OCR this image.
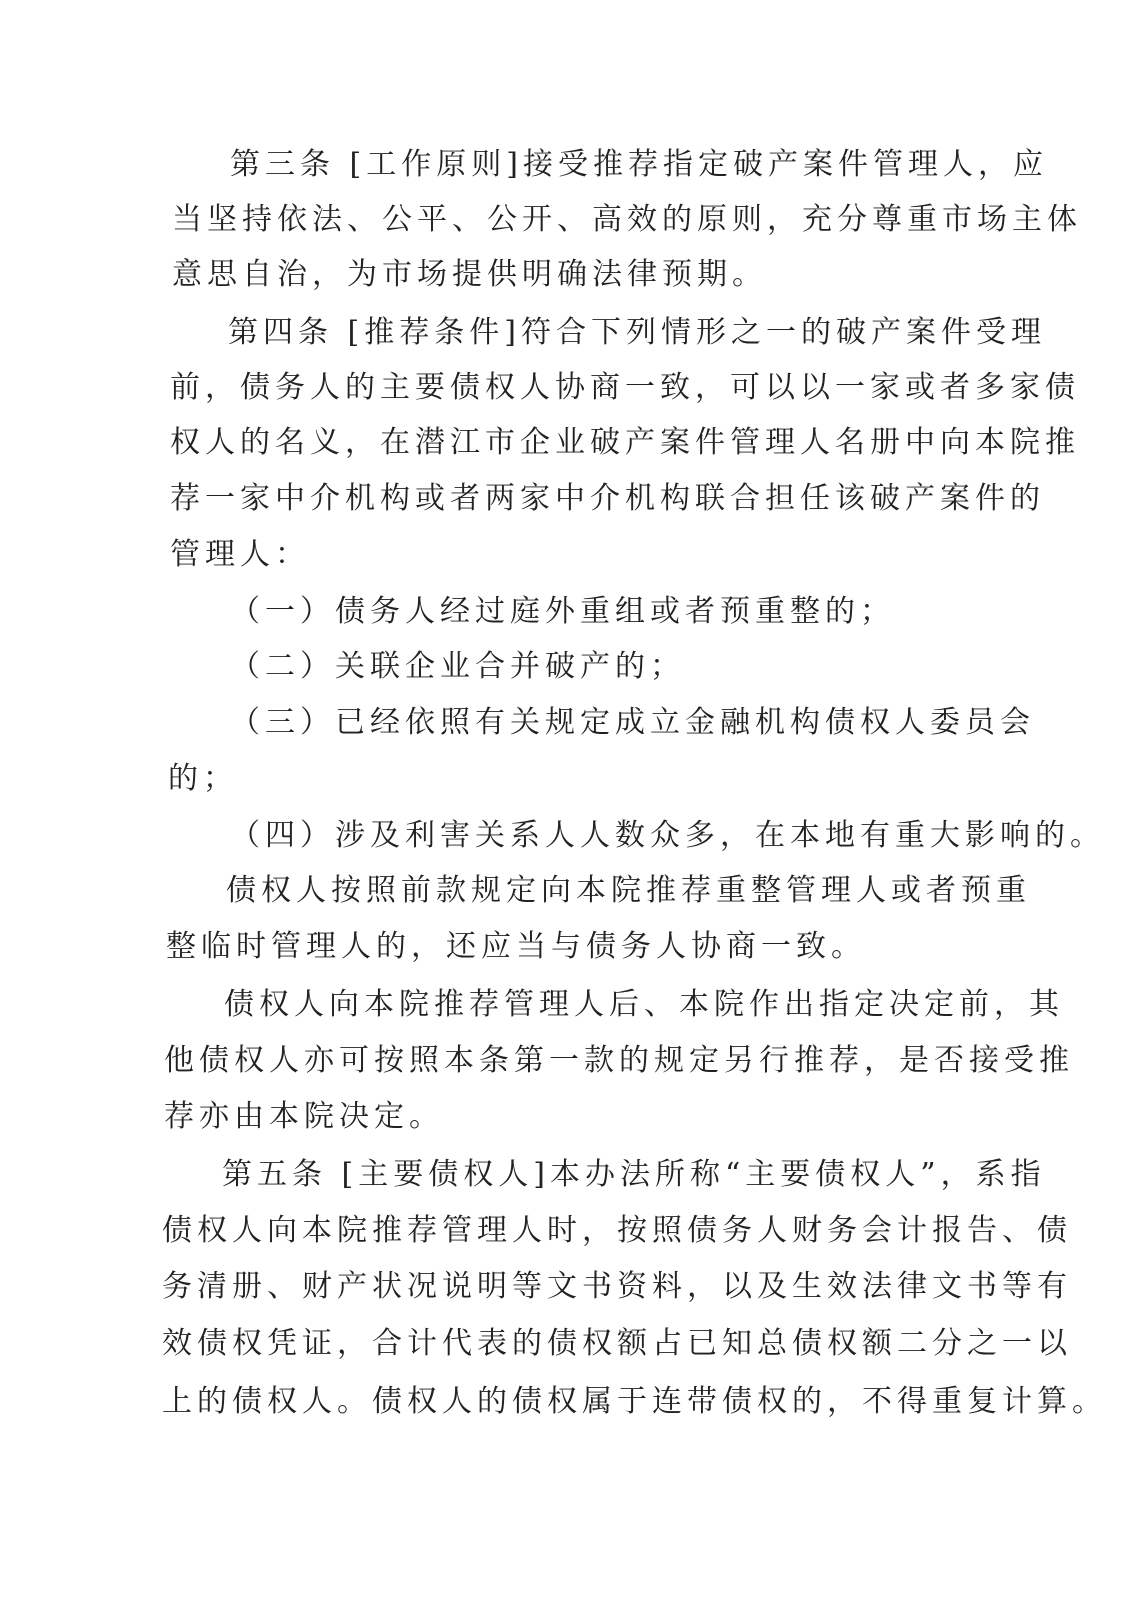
第三条 [工作原则]接受推荐指定破产案件管理人，应
当坚持依法、公平、公开、高效的原则，充分尊重市场主体
意思自治，为市场提供明确法律预期。
第四条 [推荐条件]符合下列情形之一的破产案件受理
前，债务人的主要债权人协商一致，可以以一家或者多家债
权人的名义，在潜江市企业破产案件管理人名册中向本院推
荐一家中介机构或者两家中介机构联合担任该破产案件的
管理人：
（一）债务人经过庭外重组或者预重整的；
（二）关联企业合并破产的；
（三）已经依照有关规定成立金融机构债权人委员会
的；
（四）涉及利害关系人人数众多，在本地有重大影响的。
债权人按照前款规定向本院推荐重整管理人或者预重
整临时管理人的，还应当与债务人协商一致。
债权人向本院推荐管理人后、本院作出指定决定前，其
他债权人亦可按照本条第一款的规定另行推荐，是否接受推
荐亦由本院决定。
第五条 [主要债权人]本办法所称“主要债权人”，系指
债权人向本院推荐管理人时，按照债务人财务会计报告、债
务清册、财产状况说明等文书资料，以及生效法律文书等有
效债权凭证，合计代表的债权额占已知总债权额二分之一以
上的债权人。债权人的债权属于连带债权的，不得重复计算。
